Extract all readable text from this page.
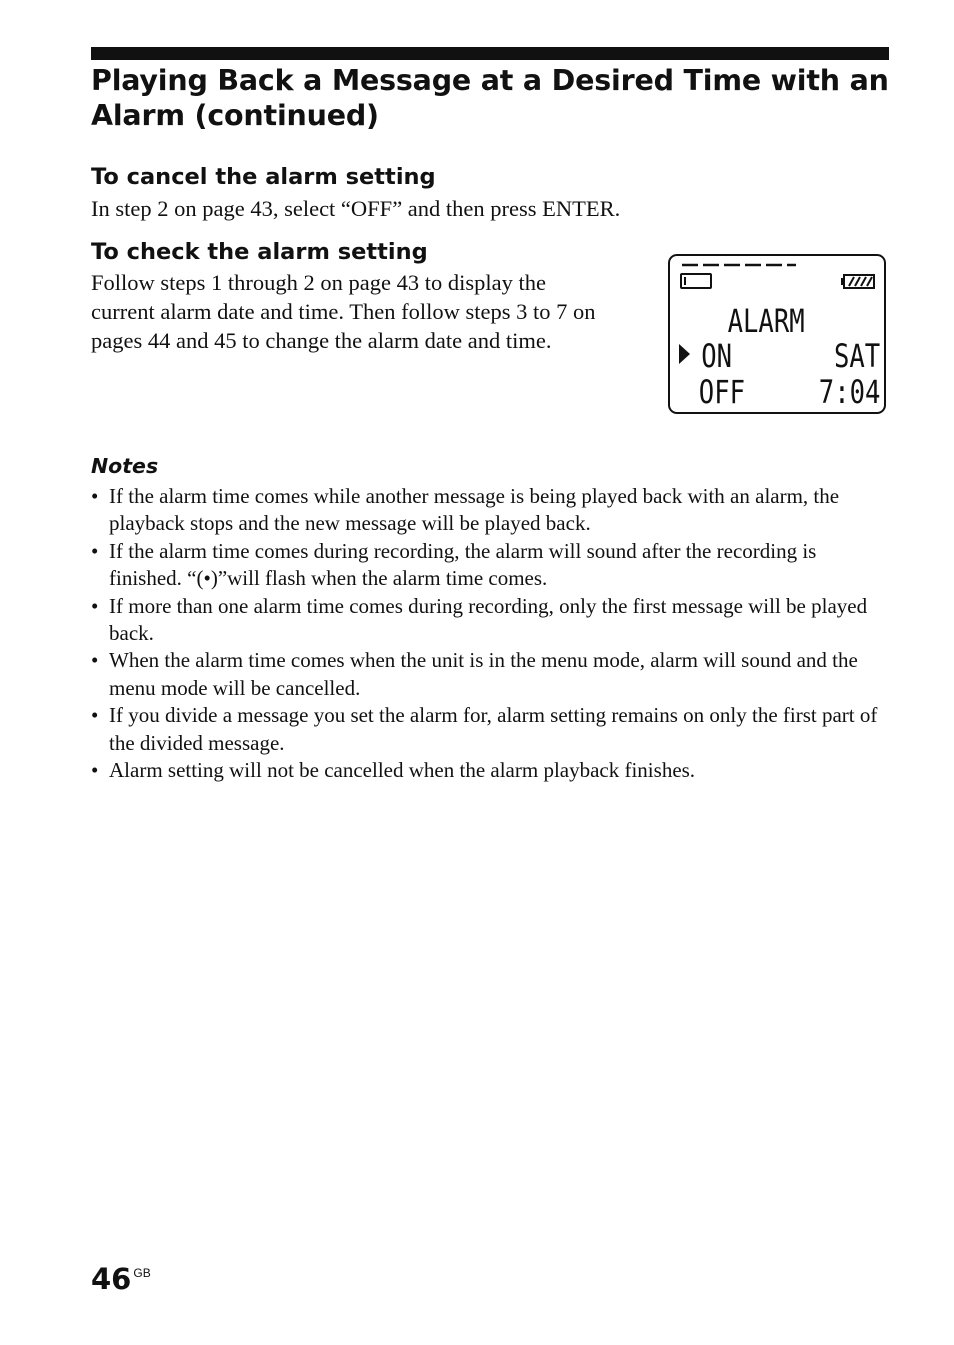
Playing Back a Message at a Desired Time with an Alarm (continued)
To cancel the alarm setting

In step 2 on page 43, select “OFF” and then press ENTER.

To check the alarm setting

Follow steps 1 through 2 on page 43 to display the current alarm date and time. Then follow steps 3 to 7 on pages 44 and 45 to change the alarm date and time.

ALARM
ON	SAT
OFF 7:04
Notes
• If the alarm time comes while another message is being played back with an alarm, the playback stops and the new message will be played back.
• If the alarm time comes during recording, the alarm will sound after the recording is finished. “(•)”will flash when the alarm time comes.
• If more than one alarm time comes during recording, only the first message will be played back.
• When the alarm time comes when the unit is in the menu mode, alarm will sound and the menu mode will be cancelled.
• If you divide a message you set the alarm for, alarm setting remains on only the first part of the divided message.
• Alarm setting will not be cancelled when the alarm playback finishes.
46 $^{GB}$
